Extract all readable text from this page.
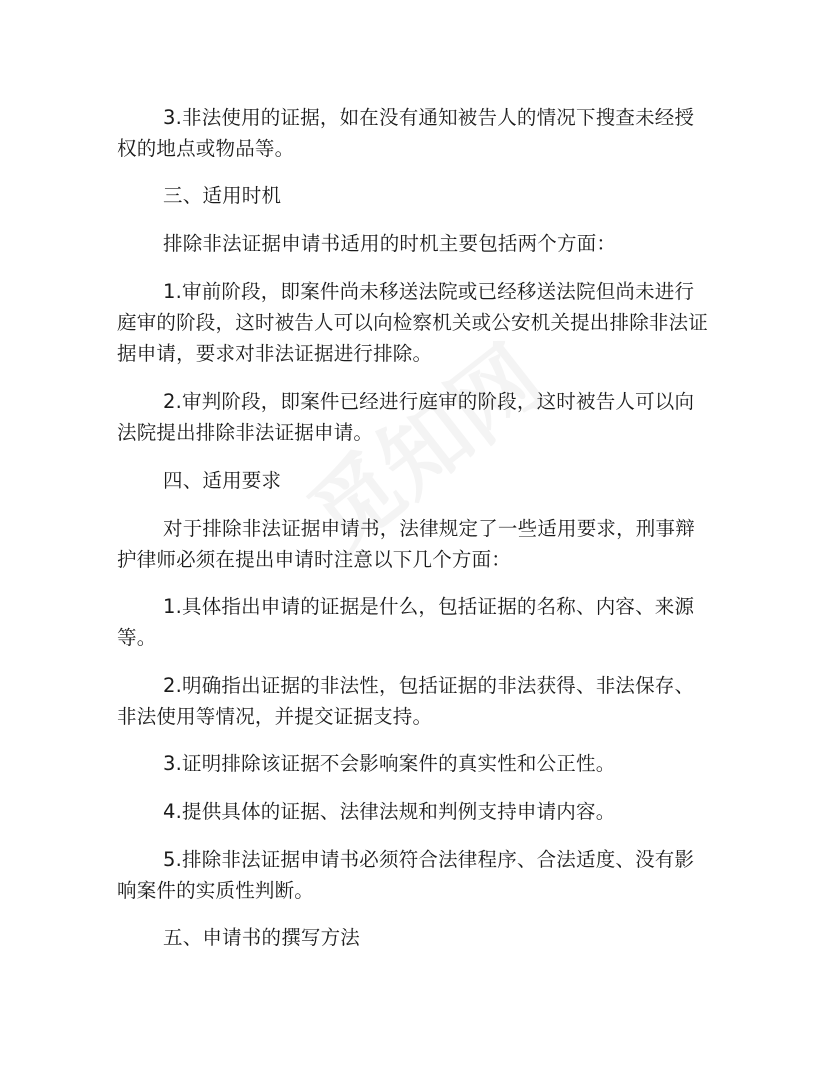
3.非法使用的证据，如在没有通知被告人的情况下搜查未经授权的地点或物品等。
三、适用时机
排除非法证据申请书适用的时机主要包括两个方面：
1.审前阶段，即案件尚未移送法院或已经移送法院但尚未进行庭审的阶段，这时被告人可以向检察机关或公安机关提出排除非法证据申请，要求对非法证据进行排除。
2.审判阶段，即案件已经进行庭审的阶段，这时被告人可以向法院提出排除非法证据申请。
四、适用要求
对于排除非法证据申请书，法律规定了一些适用要求，刑事辩护律师必须在提出申请时注意以下几个方面：
1.具体指出申请的证据是什么，包括证据的名称、内容、来源等。
2.明确指出证据的非法性，包括证据的非法获得、非法保存、非法使用等情况，并提交证据支持。
3.证明排除该证据不会影响案件的真实性和公正性。
4.提供具体的证据、法律法规和判例支持申请内容。
5.排除非法证据申请书必须符合法律程序、合法适度、没有影响案件的实质性判断。
五、申请书的撰写方法
